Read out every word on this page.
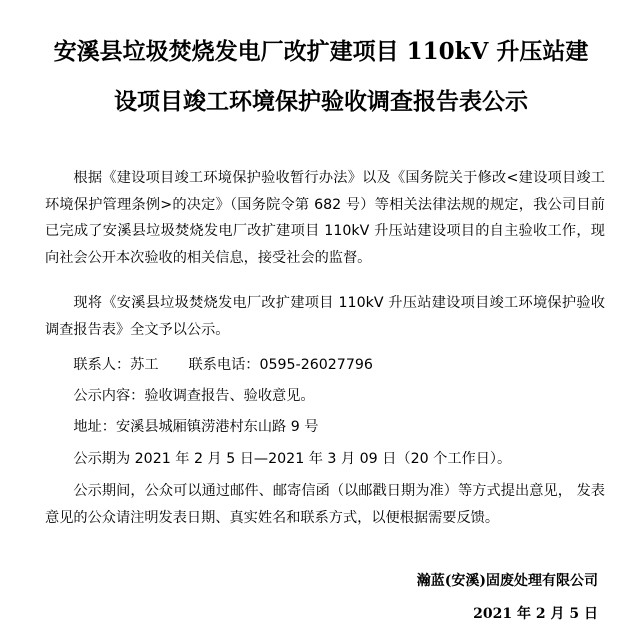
安溪县垃圾焚烧发电厂改扩建项目 110kV 升压站建
设项目竣工环境保护验收调查报告表公示

根据《建设项目竣工环境保护验收暂行办法》以及《国务院关于修改<建设项目竣工环境保护管理条例>的决定》（国务院令第 682 号）等相关法律法规的规定，我公司目前已完成了安溪县垃圾焚烧发电厂改扩建项目 110kV 升压站建设项目的自主验收工作，现向社会公开本次验收的相关信息，接受社会的监督。

现将《安溪县垃圾焚烧发电厂改扩建项目 110kV 升压站建设项目竣工环境保护验收调查报告表》全文予以公示。

联系人：苏工 联系电话：0595-26027796

公示内容：验收调查报告、验收意见。

地址：安溪县城厢镇涝港村东山路 9 号

公示期为 2021 年 2 月 5 日—2021 年 3 月 09 日（20 个工作日）。

公示期间，公众可以通过邮件、邮寄信函（以邮戳日期为准）等方式提出意见， 发表意见的公众请注明发表日期、真实姓名和联系方式，以便根据需要反馈。

瀚蓝(安溪)固废处理有限公司

2021 年 2 月 5 日
